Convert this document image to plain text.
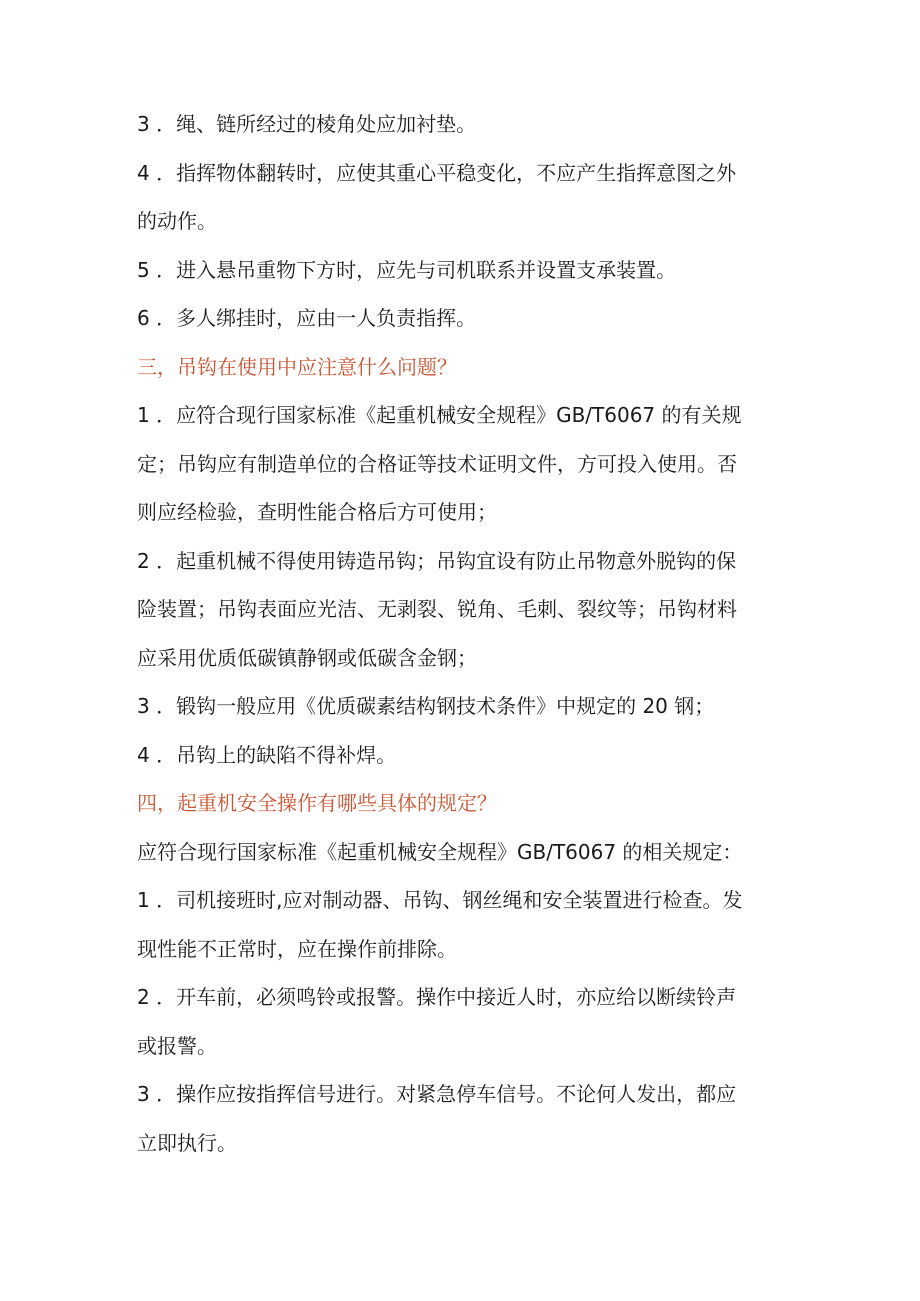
3 ．绳、链所经过的棱角处应加衬垫。

4 ．指挥物体翻转时，应使其重心平稳变化，不应产生指挥意图之外

的动作。

5 ．进入悬吊重物下方时，应先与司机联系并设置支承装置。

6 ．多人绑挂时，应由一人负责指挥。

三，吊钩在使用中应注意什么问题？

1 ．应符合现行国家标准《起重机械安全规程》GB/T6067 的有关规

定；吊钩应有制造单位的合格证等技术证明文件，方可投入使用。否

则应经检验，查明性能合格后方可使用；

2 ．起重机械不得使用铸造吊钩；吊钩宜设有防止吊物意外脱钩的保

险装置；吊钩表面应光洁、无剥裂、锐角、毛刺、裂纹等；吊钩材料

应采用优质低碳镇静钢或低碳含金钢；

3 ．锻钩一般应用《优质碳素结构钢技术条件》中规定的 20 钢；

4 ．吊钩上的缺陷不得补焊。

四，起重机安全操作有哪些具体的规定？

应符合现行国家标准《起重机械安全规程》GB/T6067 的相关规定：

1 ．司机接班时,应对制动器、吊钩、钢丝绳和安全装置进行检查。发

现性能不正常时，应在操作前排除。

2 ．开车前，必须鸣铃或报警。操作中接近人时，亦应给以断续铃声

或报警。

3 ．操作应按指挥信号进行。对紧急停车信号。不论何人发出，都应

立即执行。
